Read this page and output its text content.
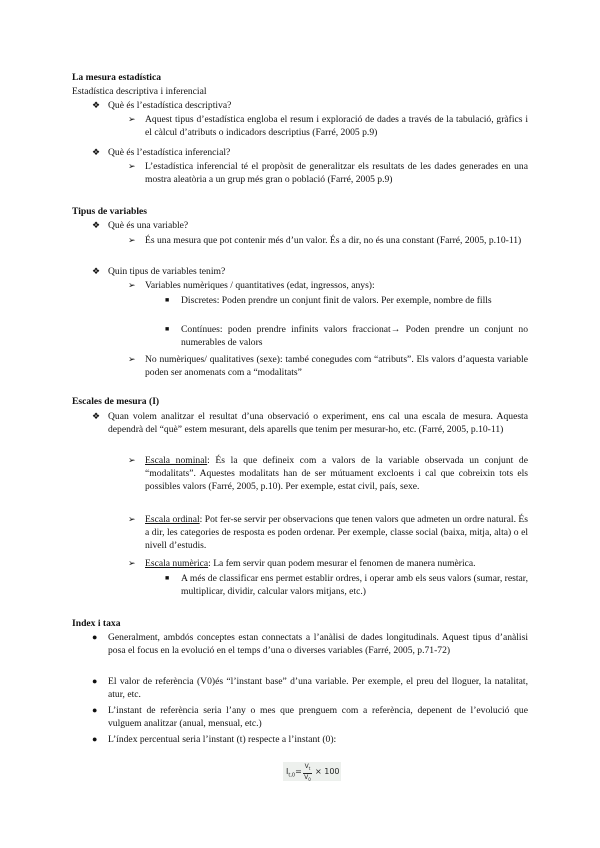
La mesura estadística
Estadística descriptiva i inferencial
❖ Què és l’estadística descriptiva?
➢ Aquest tipus d’estadística engloba el resum i exploració de dades a través de la tabulació, gràfics i el càlcul d’atributs o indicadors descriptius (Farré, 2005 p.9)
❖ Què és l’estadística inferencial?
➢ L’estadística inferencial té el propòsit de generalitzar els resultats de les dades generades en una mostra aleatòria a un grup més gran o població (Farré, 2005 p.9)
Tipus de variables
❖ Què és una variable?
➢ És una mesura que pot contenir més d’un valor. És a dir, no és una constant (Farré, 2005, p.10-11)
❖ Quin tipus de variables tenim?
➢ Variables numèriques / quantitatives (edat, ingressos, anys):
■ Discretes: Poden prendre un conjunt finit de valors. Per exemple, nombre de fills
■ Contínues: poden prendre infinits valors fraccionat→ Poden prendre un conjunt no numerables de valors
➢ No numèriques/ qualitatives (sexe): també conegudes com “atributs”. Els valors d’aquesta variable poden ser anomenats com a “modalitats”
Escales de mesura (I)
❖ Quan volem analitzar el resultat d’una observació o experiment, ens cal una escala de mesura. Aquesta dependrà del “què” estem mesurant, dels aparells que tenim per mesurar-ho, etc. (Farré, 2005, p.10-11)
➢ Escala nominal: És la que defineix com a valors de la variable observada un conjunt de “modalitats”. Aquestes modalitats han de ser mútuament excloents i cal que cobreixin tots els possibles valors (Farré, 2005, p.10). Per exemple, estat civil, país, sexe.
➢ Escala ordinal: Pot fer-se servir per observacions que tenen valors que admeten un ordre natural. És a dir, les categories de resposta es poden ordenar. Per exemple, classe social (baixa, mitja, alta) o el nivell d’estudis.
➢ Escala numèrica: La fem servir quan podem mesurar el fenomen de manera numèrica.
■ A més de classificar ens permet establir ordres, i operar amb els seus valors (sumar, restar, multiplicar, dividir, calcular valors mitjans, etc.)
Index i taxa
● Generalment, ambdós conceptes estan connectats a l’anàlisi de dades longitudinals. Aquest tipus d’anàlisi posa el focus en la evolució en el temps d’una o diverses variables (Farré, 2005, p.71-72)
● El valor de referència (V0)és “l’instant base” d’una variable. Per exemple, el preu del lloguer, la natalitat, atur, etc.
● L’instant de referència seria l’any o mes que prenguem com a referència, depenent de l’evolució que vulguem analitzar (anual, mensual, etc.)
● L’índex percentual seria l’instant (t) respecte a l’instant (0):
$I_{t,0}=$
$V_t$
$V_0$
× 100
